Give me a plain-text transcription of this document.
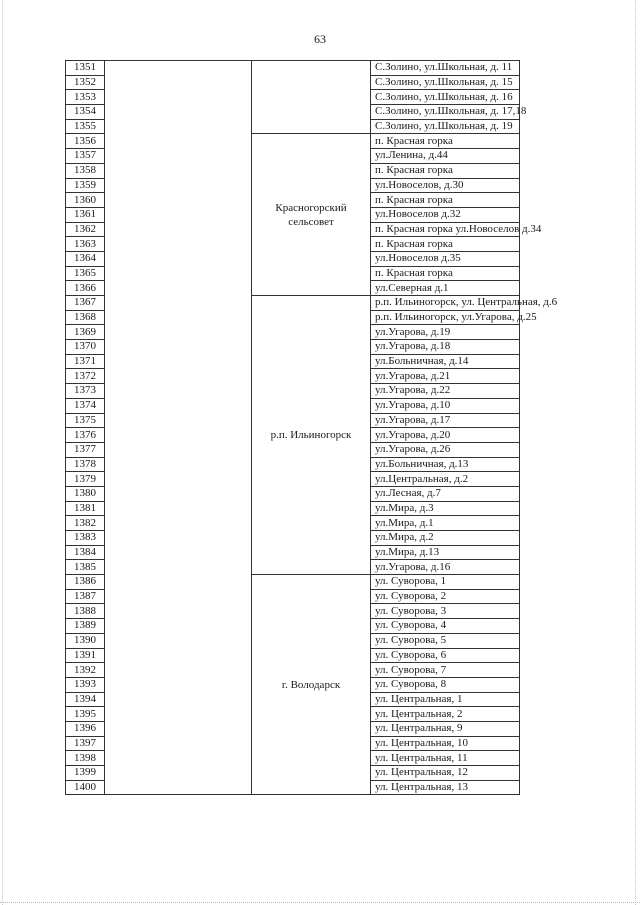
63
1351			С.Золино, ул.Школьная, д. 11
1352			С.Золино, ул.Школьная, д. 15
1353			С.Золино, ул.Школьная, д. 16
1354			С.Золино, ул.Школьная, д. 17,18
1355			С.Золино, ул.Школьная, д. 19
1356		Красногорский сельсовет	п. Красная горка
1357			ул.Ленина, д.44
1358			п. Красная горка
1359			ул.Новоселов, д.30
1360			п. Красная горка
1361			ул.Новоселов д.32
1362			п. Красная горка ул.Новоселов д.34
1363			п. Красная горка
1364			ул.Новоселов д.35
1365			п. Красная горка
1366			ул.Северная д.1
1367		р.п. Ильиногорск	р.п. Ильиногорск, ул. Центральная, д.6
1368			р.п. Ильиногорск, ул.Угарова, д.25
1369			ул.Угарова, д.19
1370			ул.Угарова, д.18
1371			ул.Больничная, д.14
1372			ул.Угарова, д.21
1373			ул.Угарова, д.22
1374			ул.Угарова, д.10
1375			ул.Угарова, д.17
1376			ул.Угарова, д.20
1377			ул.Угарова, д.26
1378			ул.Больничная, д.13
1379			ул.Центральная, д.2
1380			ул.Лесная, д.7
1381			ул.Мира, д.3
1382			ул.Мира, д.1
1383			ул.Мира, д.2
1384			ул.Мира, д.13
1385			ул.Угарова, д.16
1386		г. Володарск	ул. Суворова, 1
1387			ул. Суворова, 2
1388			ул. Суворова, 3
1389			ул. Суворова, 4
1390			ул. Суворова, 5
1391			ул. Суворова, 6
1392			ул. Суворова, 7
1393			ул. Суворова, 8
1394			ул. Центральная, 1
1395			ул. Центральная, 2
1396			ул. Центральная, 9
1397			ул. Центральная, 10
1398			ул. Центральная, 11
1399			ул. Центральная, 12
1400			ул. Центральная, 13
